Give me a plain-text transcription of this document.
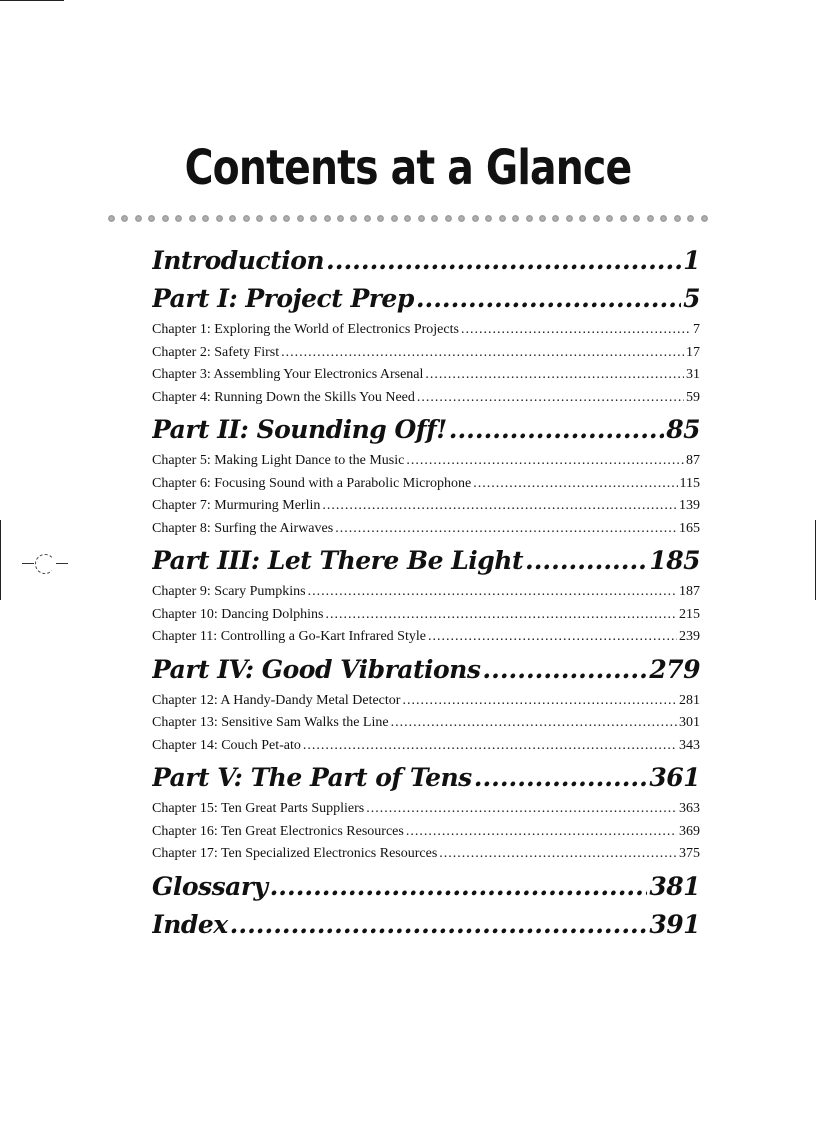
Contents at a Glance
Introduction .....	1
Part I: Project Prep .....	5
Chapter 1: Exploring the World of Electronics Projects .....	7
Chapter 2: Safety First .....	17
Chapter 3: Assembling Your Electronics Arsenal .....	31
Chapter 4: Running Down the Skills You Need .....	59
Part II: Sounding Off! .....	85
Chapter 5: Making Light Dance to the Music .....	87
Chapter 6: Focusing Sound with a Parabolic Microphone .....	115
Chapter 7: Murmuring Merlin .....	139
Chapter 8: Surfing the Airwaves .....	165
Part III: Let There Be Light .....	185
Chapter 9: Scary Pumpkins .....	187
Chapter 10: Dancing Dolphins .....	215
Chapter 11: Controlling a Go-Kart Infrared Style .....	239
Part IV: Good Vibrations .....	279
Chapter 12: A Handy-Dandy Metal Detector .....	281
Chapter 13: Sensitive Sam Walks the Line .....	301
Chapter 14: Couch Pet-ato .....	343
Part V: The Part of Tens .....	361
Chapter 15: Ten Great Parts Suppliers .....	363
Chapter 16: Ten Great Electronics Resources .....	369
Chapter 17: Ten Specialized Electronics Resources .....	375
Glossary .....	381
Index .....	391
